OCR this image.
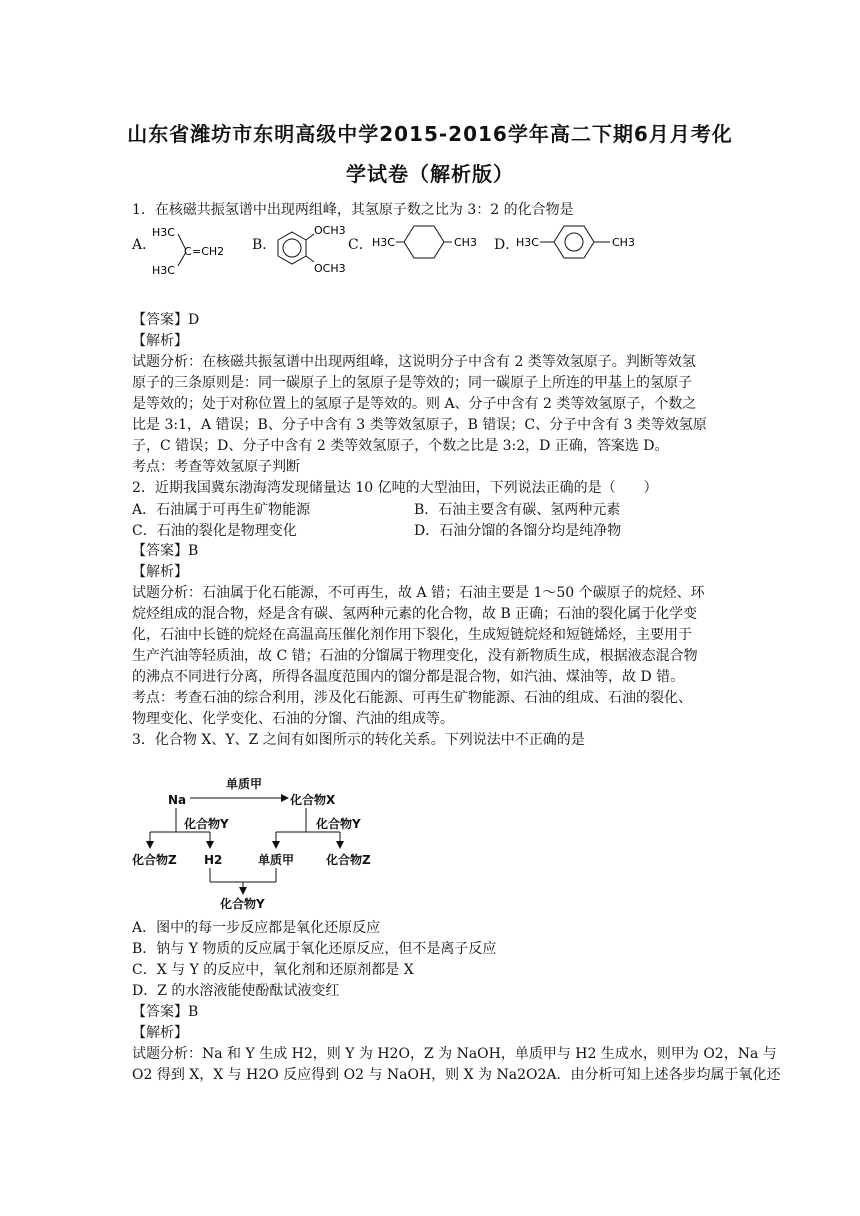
山东省潍坊市东明高级中学2015-2016学年高二下期6月月考化
学试卷（解析版）
1．在核磁共振氢谱中出现两组峰，其氢原子数之比为 3：2 的化合物是
A．
H3C
H3C
C =CH2 B．
OCH3
OCH3
C． H3C	CH3 D．
H3C	CH3
【答案】D
【解析】
试题分析：在核磁共振氢谱中出现两组峰，这说明分子中含有 2 类等效氢原子。判断等效氢
原子的三条原则是：同一碳原子上的氢原子是等效的；同一碳原子上所连的甲基上的氢原子
是等效的；处于对称位置上的氢原子是等效的。则 A、分子中含有 2 类等效氢原子，个数之
比是 3:1，A 错误；B、分子中含有 3 类等效氢原子，B 错误；C、分子中含有 3 类等效氢原
子，C 错误；D、分子中含有 2 类等效氢原子，个数之比是 3:2，D 正确，答案选 D。
考点：考查等效氢原子判断
2．近期我国冀东渤海湾发现储量达 10 亿吨的大型油田，下列说法正确的是（　　）
A．石油属于可再生矿物能源	B．石油主要含有碳、氢两种元素
C．石油的裂化是物理变化	D．石油分馏的各馏分均是纯净物
【答案】B
【解析】
试题分析：石油属于化石能源，不可再生，故 A 错；石油主要是 1～50 个碳原子的烷烃、环
烷烃组成的混合物，烃是含有碳、氢两种元素的化合物，故 B 正确；石油的裂化属于化学变
化，石油中长链的烷烃在高温高压催化剂作用下裂化，生成短链烷烃和短链烯烃，主要用于
生产汽油等轻质油，故 C 错；石油的分馏属于物理变化，没有新物质生成，根据液态混合物
的沸点不同进行分离，所得各温度范围内的馏分都是混合物，如汽油、煤油等，故 D 错。
考点：考查石油的综合利用，涉及化石能源、可再生矿物能源、石油的组成、石油的裂化、
物理变化、化学变化、石油的分馏、汽油的组成等。
3．化合物 X、Y、Z 之间有如图所示的转化关系。下列说法中不正确的是
Na
单质甲
化合物X
化合物Y	化合物Y
化合物Z H2	单质甲	化合物Z
化合物Y
A．图中的每一步反应都是氧化还原反应
B．钠与 Y 物质的反应属于氧化还原反应，但不是离子反应
C．X 与 Y 的反应中，氧化剂和还原剂都是 X
D．Z 的水溶液能使酚酞试液变红
【答案】B
【解析】
试题分析：Na 和 Y 生成 H2，则 Y 为 H2O，Z 为 NaOH，单质甲与 H2 生成水，则甲为 O2，Na 与
O2 得到 X，X 与 H2O 反应得到 O2 与 NaOH，则 X 为 Na2O2A．由分析可知上述各步均属于氧化还
